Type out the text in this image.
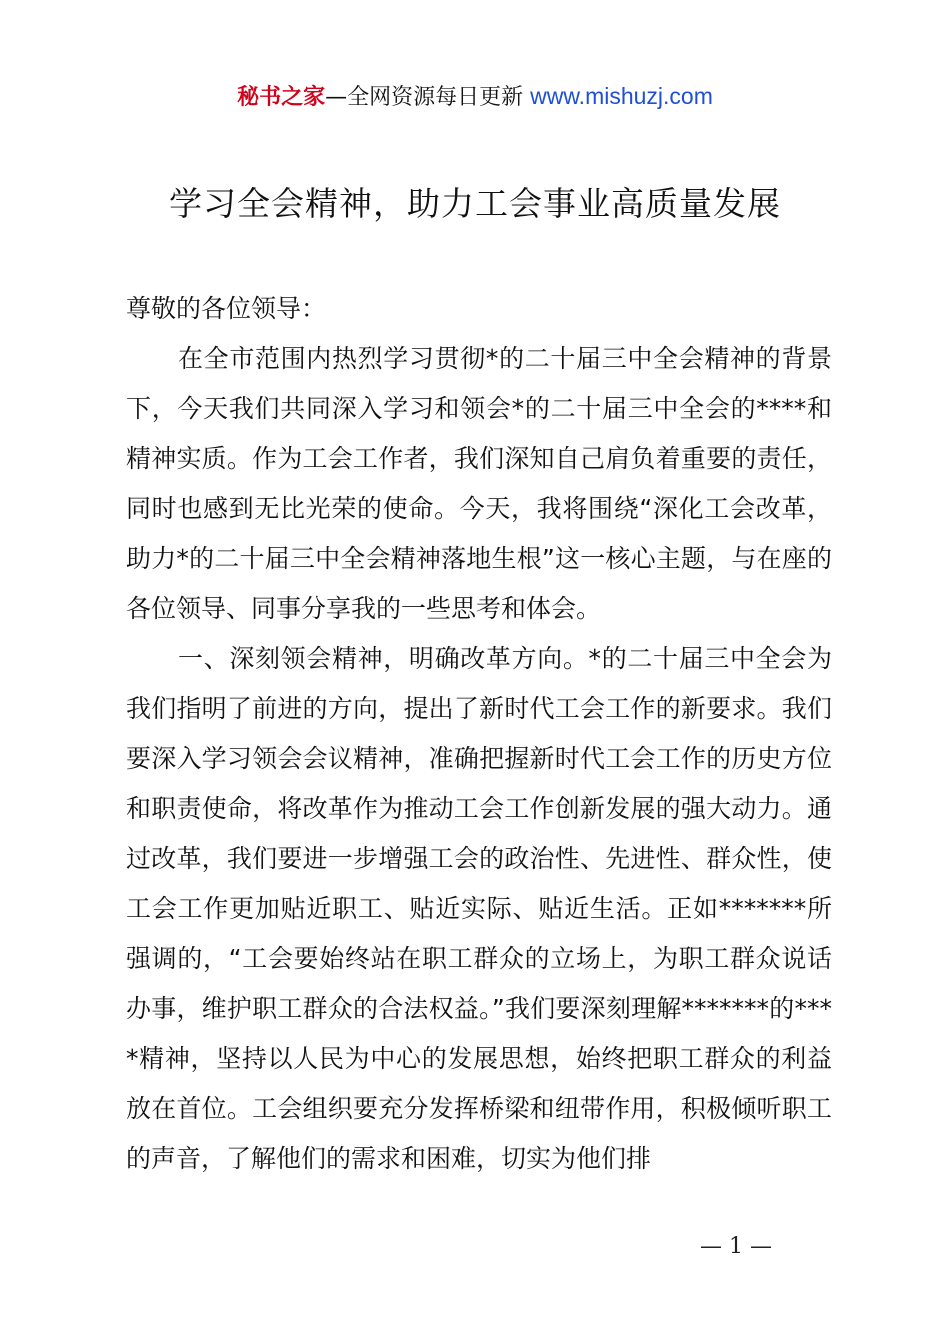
秘书之家—全网资源每日更新 www.mishuzj.com
学习全会精神，助力工会事业高质量发展

尊敬的各位领导：

在全市范围内热烈学习贯彻*的二十届三中全会精神的背景下，今天我们共同深入学习和领会*的二十届三中全会的****和精神实质。作为工会工作者，我们深知自己肩负着重要的责任，同时也感到无比光荣的使命。今天，我将围绕“深化工会改革，助力*的二十届三中全会精神落地生根”这一核心主题，与在座的各位领导、同事分享我的一些思考和体会。

一、深刻领会精神，明确改革方向。*的二十届三中全会为我们指明了前进的方向，提出了新时代工会工作的新要求。我们要深入学习领会会议精神，准确把握新时代工会工作的历史方位和职责使命，将改革作为推动工会工作创新发展的强大动力。通过改革，我们要进一步增强工会的政治性、先进性、群众性，使工会工作更加贴近职工、贴近实际、贴近生活。正如*******所强调的，“工会要始终站在职工群众的立场上，为职工群众说话办事，维护职工群众的合法权益。”我们要深刻理解*******的****精神，坚持以人民为中心的发展思想，始终把职工群众的利益放在首位。工会组织要充分发挥桥梁和纽带作用，积极倾听职工的声音，了解他们的需求和困难，切实为他们排

— 1 —
